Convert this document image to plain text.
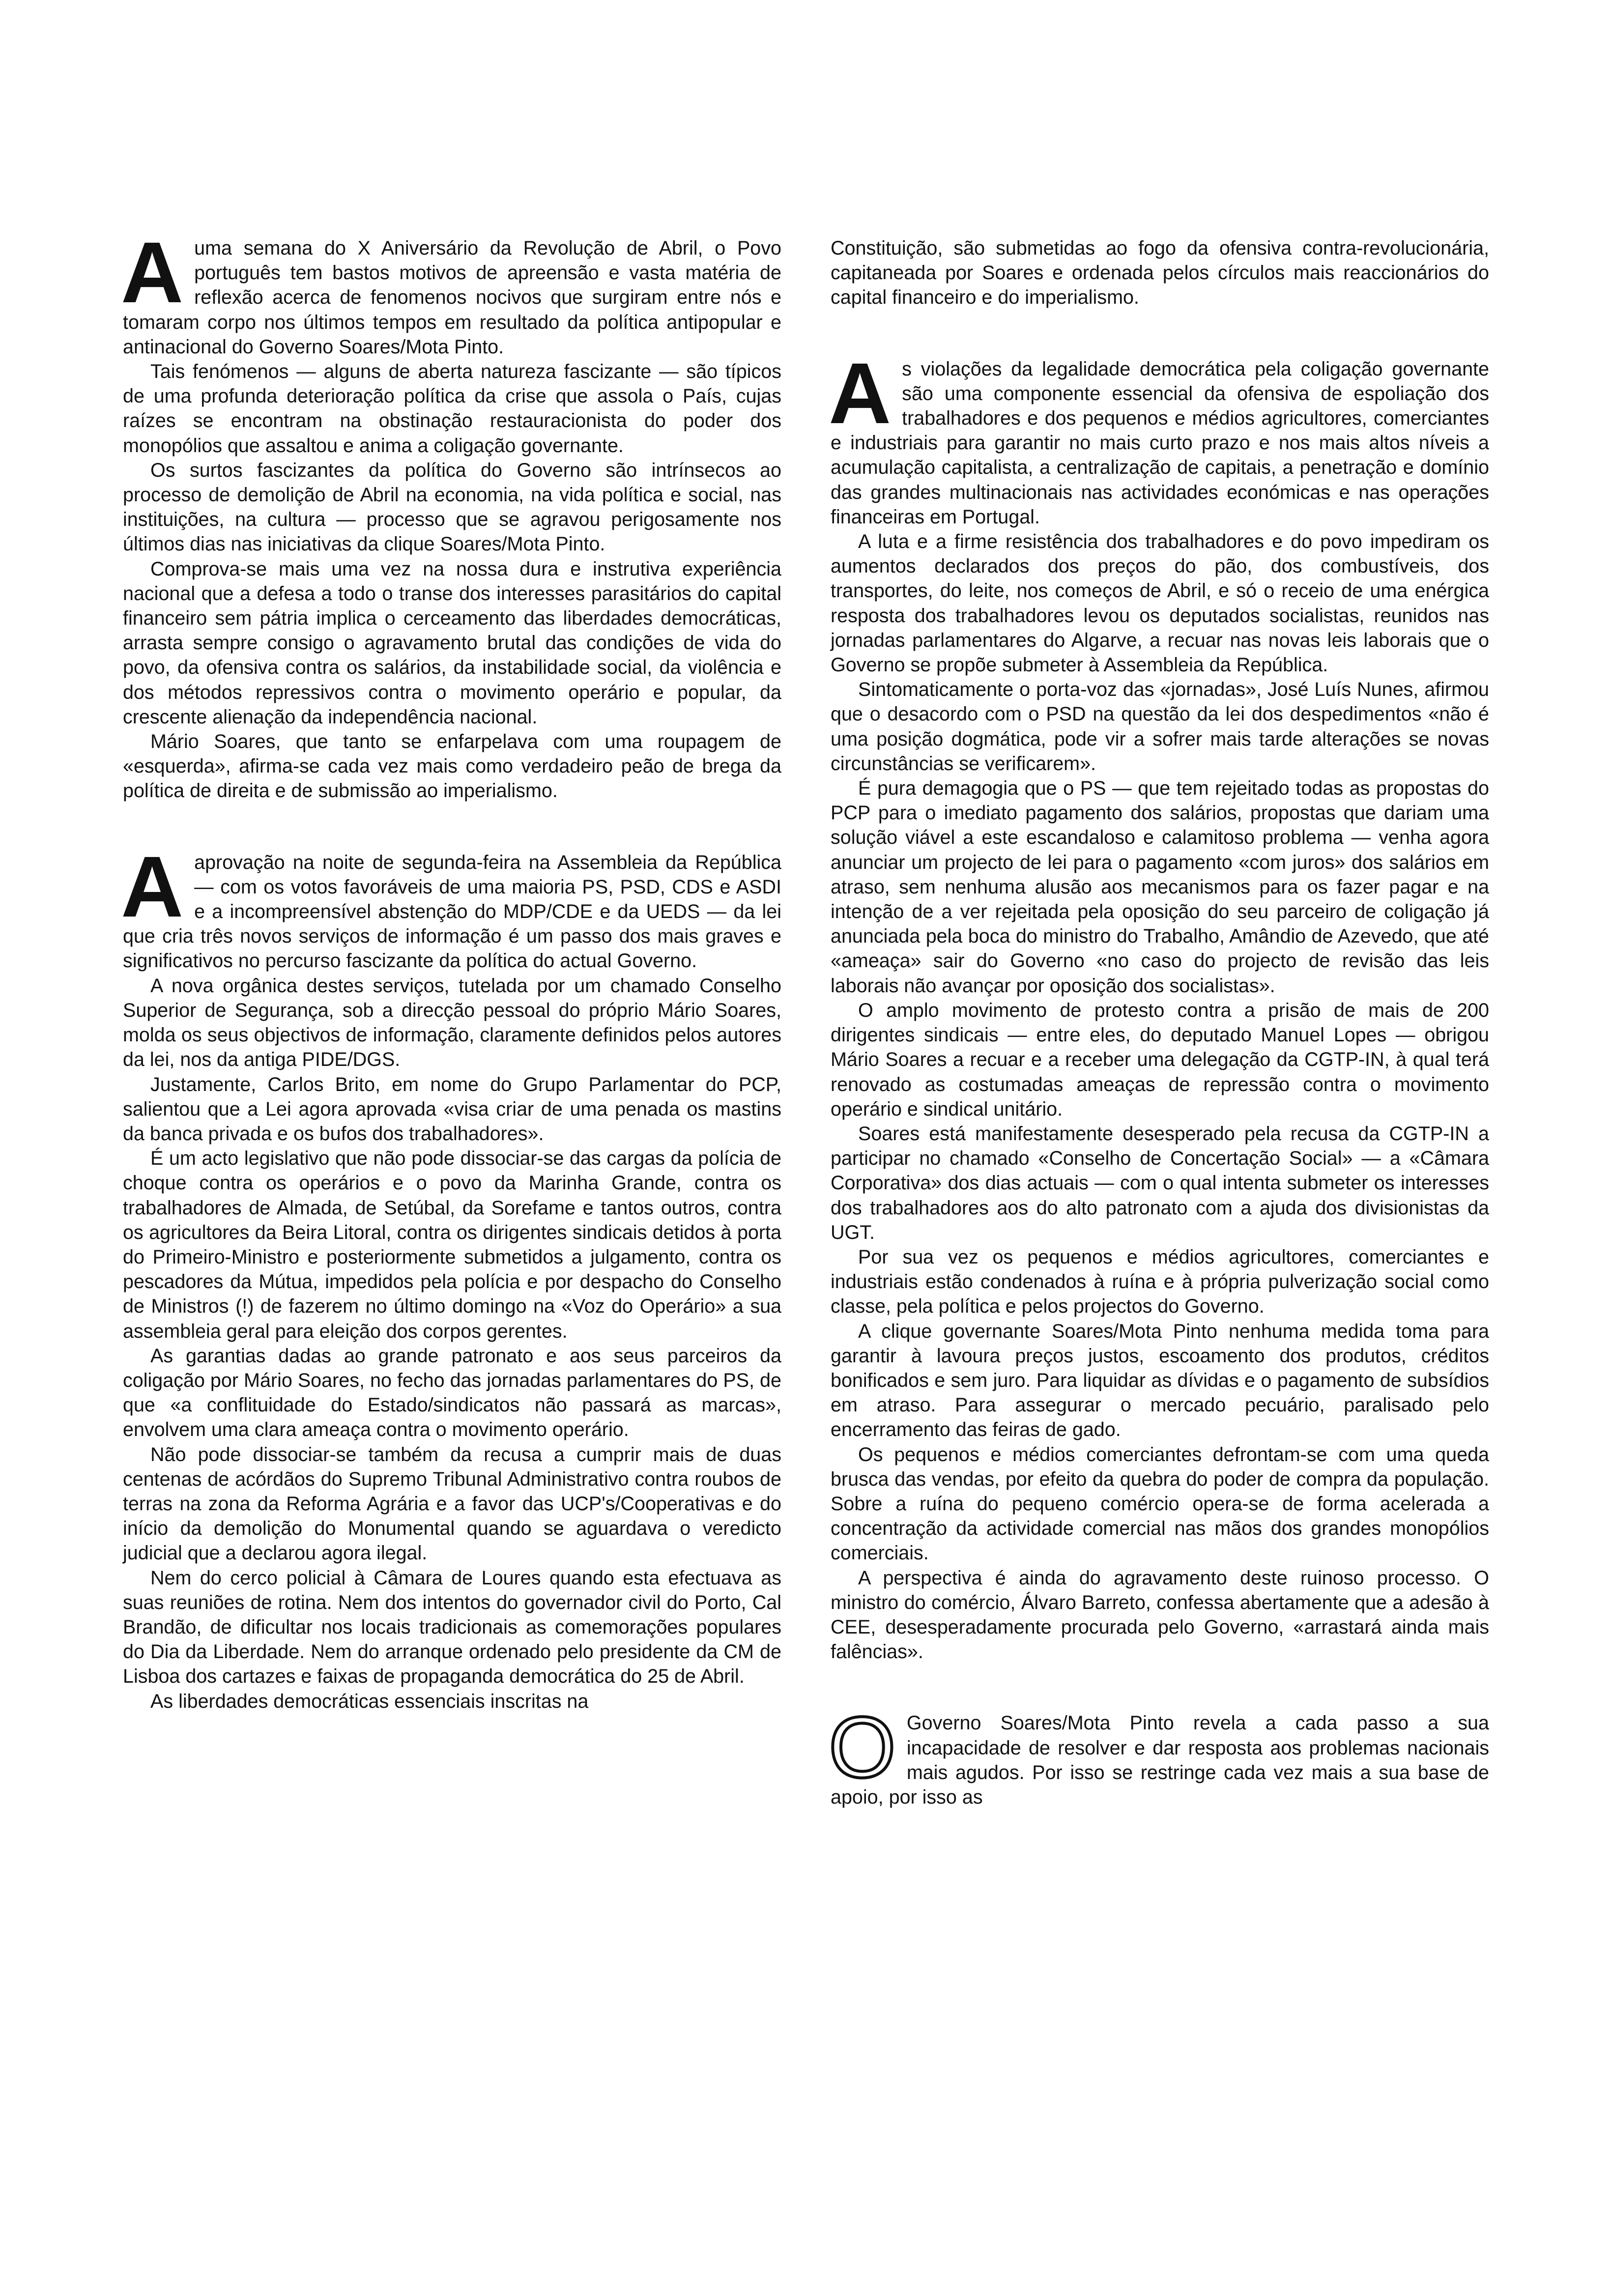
A uma semana do X Aniversário da Revolução de Abril, o Povo português tem bastos motivos de apreensão e vasta matéria de reflexão acerca de fenomenos nocivos que surgiram entre nós e tomaram corpo nos últimos tempos em resultado da política antipopular e antinacional do Governo Soares/Mota Pinto.

Tais fenómenos — alguns de aberta natureza fascizante — são típicos de uma profunda deterioração política da crise que assola o País, cujas raízes se encontram na obstinação restauracionista do poder dos monopólios que assaltou e anima a coligação governante.

Os surtos fascizantes da política do Governo são intrínsecos ao processo de demolição de Abril na economia, na vida política e social, nas instituições, na cultura — processo que se agravou perigosamente nos últimos dias nas iniciativas da clique Soares/Mota Pinto.

Comprova-se mais uma vez na nossa dura e instrutiva experiência nacional que a defesa a todo o transe dos interesses parasitários do capital financeiro sem pátria implica o cerceamento das liberdades democráticas, arrasta sempre consigo o agravamento brutal das condições de vida do povo, da ofensiva contra os salários, da instabilidade social, da violência e dos métodos repressivos contra o movimento operário e popular, da crescente alienação da independência nacional.

Mário Soares, que tanto se enfarpelava com uma roupagem de «esquerda», afirma-se cada vez mais como verdadeiro peão de brega da política de direita e de submissão ao imperialismo.

A aprovação na noite de segunda-feira na Assembleia da República — com os votos favoráveis de uma maioria PS, PSD, CDS e ASDI e a incompreensível abstenção do MDP/CDE e da UEDS — da lei que cria três novos serviços de informação é um passo dos mais graves e significativos no percurso fascizante da política do actual Governo.

A nova orgânica destes serviços, tutelada por um chamado Conselho Superior de Segurança, sob a direcção pessoal do próprio Mário Soares, molda os seus objectivos de informação, claramente definidos pelos autores da lei, nos da antiga PIDE/DGS.

Justamente, Carlos Brito, em nome do Grupo Parlamentar do PCP, salientou que a Lei agora aprovada «visa criar de uma penada os mastins da banca privada e os bufos dos trabalhadores».

É um acto legislativo que não pode dissociar-se das cargas da polícia de choque contra os operários e o povo da Marinha Grande, contra os trabalhadores de Almada, de Setúbal, da Sorefame e tantos outros, contra os agricultores da Beira Litoral, contra os dirigentes sindicais detidos à porta do Primeiro-Ministro e posteriormente submetidos a julgamento, contra os pescadores da Mútua, impedidos pela polícia e por despacho do Conselho de Ministros (!) de fazerem no último domingo na «Voz do Operário» a sua assembleia geral para eleição dos corpos gerentes.

As garantias dadas ao grande patronato e aos seus parceiros da coligação por Mário Soares, no fecho das jornadas parlamentares do PS, de que «a conflituidade do Estado/sindicatos não passará as marcas», envolvem uma clara ameaça contra o movimento operário.

Não pode dissociar-se também da recusa a cumprir mais de duas centenas de acórdãos do Supremo Tribunal Administrativo contra roubos de terras na zona da Reforma Agrária e a favor das UCP's/Cooperativas e do início da demolição do Monumental quando se aguardava o veredicto judicial que a declarou agora ilegal.

Nem do cerco policial à Câmara de Loures quando esta efectuava as suas reuniões de rotina. Nem dos intentos do governador civil do Porto, Cal Brandão, de dificultar nos locais tradicionais as comemorações populares do Dia da Liberdade. Nem do arranque ordenado pelo presidente da CM de Lisboa dos cartazes e faixas de propaganda democrática do 25 de Abril.

As liberdades democráticas essenciais inscritas na

Constituição, são submetidas ao fogo da ofensiva contra-revolucionária, capitaneada por Soares e ordenada pelos círculos mais reaccionários do capital financeiro e do imperialismo.

A s violações da legalidade democrática pela coligação governante são uma componente essencial da ofensiva de espoliação dos trabalhadores e dos pequenos e médios agricultores, comerciantes e industriais para garantir no mais curto prazo e nos mais altos níveis a acumulação capitalista, a centralização de capitais, a penetração e domínio das grandes multinacionais nas actividades económicas e nas operações financeiras em Portugal.

A luta e a firme resistência dos trabalhadores e do povo impediram os aumentos declarados dos preços do pão, dos combustíveis, dos transportes, do leite, nos começos de Abril, e só o receio de uma enérgica resposta dos trabalhadores levou os deputados socialistas, reunidos nas jornadas parlamentares do Algarve, a recuar nas novas leis laborais que o Governo se propõe submeter à Assembleia da República.

Sintomaticamente o porta-voz das «jornadas», José Luís Nunes, afirmou que o desacordo com o PSD na questão da lei dos despedimentos «não é uma posição dogmática, pode vir a sofrer mais tarde alterações se novas circunstâncias se verificarem».

É pura demagogia que o PS — que tem rejeitado todas as propostas do PCP para o imediato pagamento dos salários, propostas que dariam uma solução viável a este escandaloso e calamitoso problema — venha agora anunciar um projecto de lei para o pagamento «com juros» dos salários em atraso, sem nenhuma alusão aos mecanismos para os fazer pagar e na intenção de a ver rejeitada pela oposição do seu parceiro de coligação já anunciada pela boca do ministro do Trabalho, Amândio de Azevedo, que até «ameaça» sair do Governo «no caso do projecto de revisão das leis laborais não avançar por oposição dos socialistas».

O amplo movimento de protesto contra a prisão de mais de 200 dirigentes sindicais — entre eles, do deputado Manuel Lopes — obrigou Mário Soares a recuar e a receber uma delegação da CGTP-IN, à qual terá renovado as costumadas ameaças de repressão contra o movimento operário e sindical unitário.

Soares está manifestamente desesperado pela recusa da CGTP-IN a participar no chamado «Conselho de Concertação Social» — a «Câmara Corporativa» dos dias actuais — com o qual intenta submeter os interesses dos trabalhadores aos do alto patronato com a ajuda dos divisionistas da UGT.

Por sua vez os pequenos e médios agricultores, comerciantes e industriais estão condenados à ruína e à própria pulverização social como classe, pela política e pelos projectos do Governo.

A clique governante Soares/Mota Pinto nenhuma medida toma para garantir à lavoura preços justos, escoamento dos produtos, créditos bonificados e sem juro. Para liquidar as dívidas e o pagamento de subsídios em atraso. Para assegurar o mercado pecuário, paralisado pelo encerramento das feiras de gado.

Os pequenos e médios comerciantes defrontam-se com uma queda brusca das vendas, por efeito da quebra do poder de compra da população. Sobre a ruína do pequeno comércio opera-se de forma acelerada a concentração da actividade comercial nas mãos dos grandes monopólios comerciais.

A perspectiva é ainda do agravamento deste ruinoso processo. O ministro do comércio, Álvaro Barreto, confessa abertamente que a adesão à CEE, desesperadamente procurada pelo Governo, «arrastará ainda mais falências».

O Governo Soares/Mota Pinto revela a cada passo a sua incapacidade de resolver e dar resposta aos problemas nacionais mais agudos. Por isso se restringe cada vez mais a sua base de apoio, por isso as
